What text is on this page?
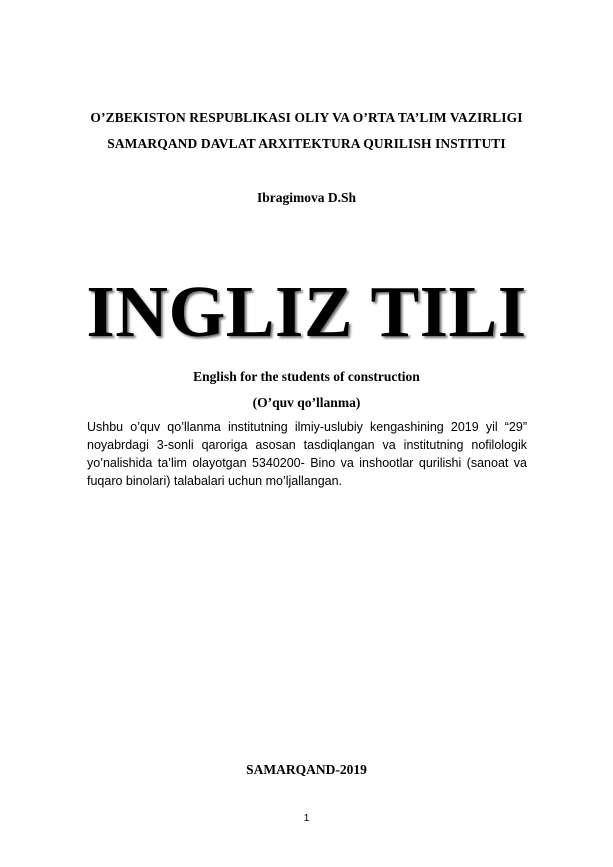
O’ZBEKISTON RESPUBLIKASI OLIY VA O’RTA TA’LIM VAZIRLIGI
SAMARQAND DAVLAT ARXITEKTURA QURILISH INSTITUTI
Ibragimova D.Sh
INGLIZ TILI
English for the students of construction
(O’quv qo’llanma)
Ushbu o’quv qo’llanma institutning ilmiy-uslubiy kengashining 2019 yil “29” noyabrdagi 3-sonli qaroriga asosan tasdiqlangan va institutning nofilologik yo’nalishida ta’lim olayotgan 5340200- Bino va inshootlar qurilishi (sanoat va fuqaro binolari) talabalari uchun mo’ljallangan.
SAMARQAND-2019
1
